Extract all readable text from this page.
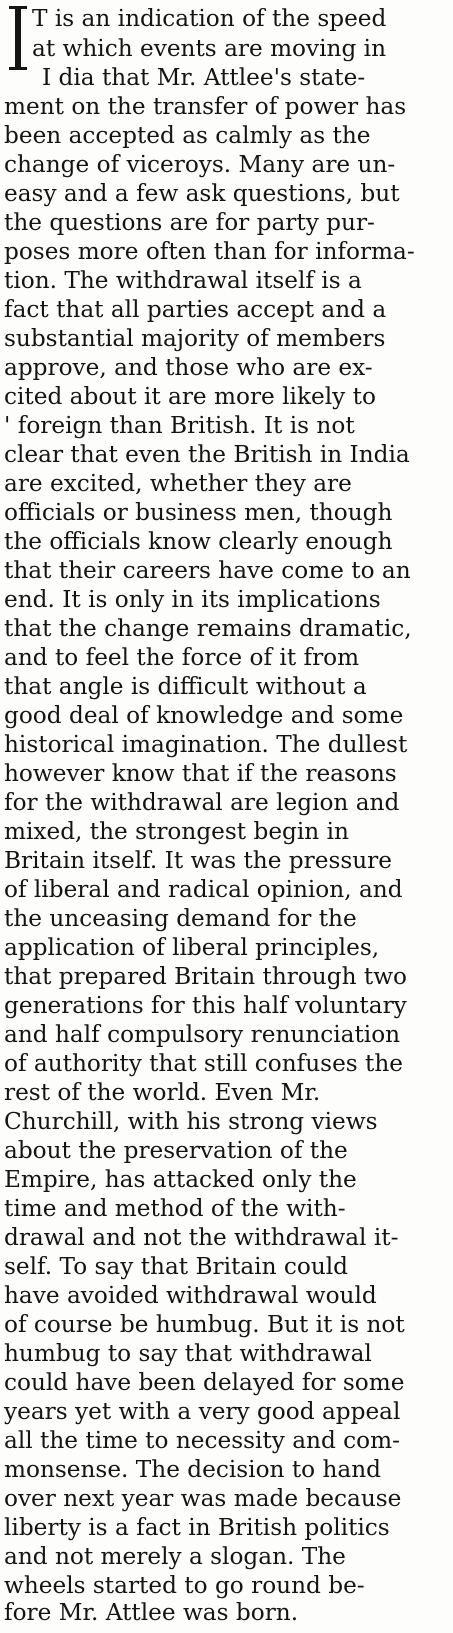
T is an indication of the speed
at which events are moving in
I dia that Mr. Attlee's state-
ment on the transfer of power has
been accepted as calmly as the
change of viceroys. Many are un-
easy and a few ask questions, but
the questions are for party pur-
poses more often than for informa-
tion. The withdrawal itself is a
fact that all parties accept and a
substantial majority of members
approve, and those who are ex-
cited about it are more likely to
' foreign than British. It is not
clear that even the British in India
are excited, whether they are
officials or business men, though
the officials know clearly enough
that their careers have come to an
end. It is only in its implications
that the change remains dramatic,
and to feel the force of it from
that angle is difficult without a
good deal of knowledge and some
historical imagination. The dullest
however know that if the reasons
for the withdrawal are legion and
mixed, the strongest begin in
Britain itself. It was the pressure
of liberal and radical opinion, and
the unceasing demand for the
application of liberal principles,
that prepared Britain through two
generations for this half voluntary
and half compulsory renunciation
of authority that still confuses the
rest of the world. Even Mr.
Churchill, with his strong views
about the preservation of the
Empire, has attacked only the
time and method of the with-
drawal and not the withdrawal it-
self. To say that Britain could
have avoided withdrawal would
of course be humbug. But it is not
humbug to say that withdrawal
could have been delayed for some
years yet with a very good appeal
all the time to necessity and com-
monsense. The decision to hand
over next year was made because
liberty is a fact in British politics
and not merely a slogan. The
wheels started to go round be-
fore Mr. Attlee was born.
